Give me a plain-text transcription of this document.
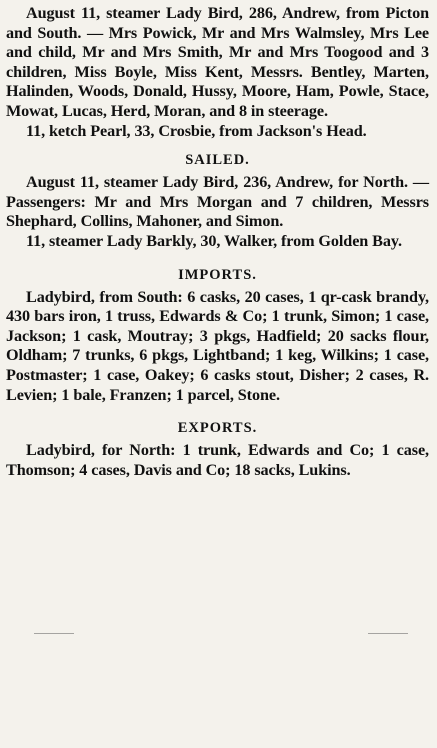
August 11, steamer Lady Bird, 286, Andrew, from Picton and South. — Mrs Powick, Mr and Mrs Walmsley, Mrs Lee and child, Mr and Mrs Smith, Mr and Mrs Toogood and 3 children, Miss Boyle, Miss Kent, Messrs. Bentley, Marten, Halinden, Woods, Donald, Hussy, Moore, Ham, Powle, Stace, Mowat, Lucas, Herd, Moran, and 8 in steerage.

11, ketch Pearl, 33, Crosbie, from Jackson's Head.

SAILED.

August 11, steamer Lady Bird, 236, Andrew, for North. — Passengers: Mr and Mrs Morgan and 7 children, Messrs Shephard, Collins, Mahoner, and Simon.

11, steamer Lady Barkly, 30, Walker, from Golden Bay.

IMPORTS.

Ladybird, from South: 6 casks, 20 cases, 1 qr-cask brandy, 430 bars iron, 1 truss, Edwards & Co; 1 trunk, Simon; 1 case, Jackson; 1 cask, Moutray; 3 pkgs, Hadfield; 20 sacks flour, Oldham; 7 trunks, 6 pkgs, Lightband; 1 keg, Wilkins; 1 case, Postmaster; 1 case, Oakey; 6 casks stout, Disher; 2 cases, R. Levien; 1 bale, Franzen; 1 parcel, Stone.

EXPORTS.

Ladybird, for North: 1 trunk, Edwards and Co; 1 case, Thomson; 4 cases, Davis and Co; 18 sacks, Lukins.
